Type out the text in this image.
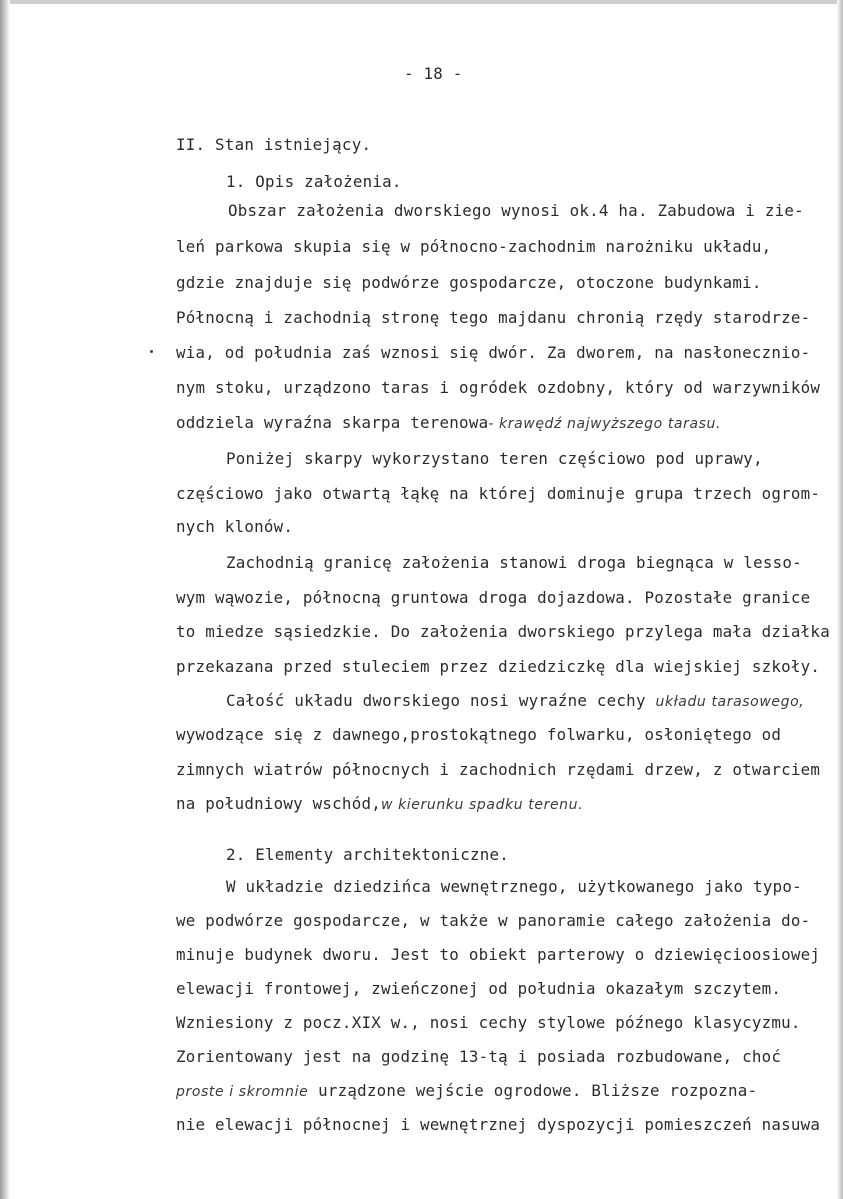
- 18 -
II. Stan istniejący.
1. Opis założenia.
Obszar założenia dworskiego wynosi ok.4 ha. Zabudowa i zie-
leń parkowa skupia się w północno-zachodnim narożniku układu,
gdzie znajduje się podwórze gospodarcze, otoczone budynkami.
Północną i zachodnią stronę tego majdanu chronią rzędy starodrze-
wia, od południa zaś wznosi się dwór. Za dworem, na nasłonecznio-
nym stoku, urządzono taras i ogródek ozdobny, który od warzywników
oddziela wyraźna skarpa terenowa- krawędź najwyższego tarasu.
Poniżej skarpy wykorzystano teren częściowo pod uprawy,
częściowo jako otwartą łąkę na której dominuje grupa trzech ogrom-
nych klonów.
Zachodnią granicę założenia stanowi droga biegnąca w lesso-
wym wąwozie, północną gruntowa droga dojazdowa. Pozostałe granice
to miedze sąsiedzkie. Do założenia dworskiego przylega mała działka
przekazana przed stuleciem przez dziedziczkę dla wiejskiej szkoły.
Całość układu dworskiego nosi wyraźne cechy układu tarasowego,
wywodzące się z dawnego,prostokątnego folwarku, osłoniętego od
zimnych wiatrów północnych i zachodnich rzędami drzew, z otwarciem
na południowy wschód,w kierunku spadku terenu.
2. Elementy architektoniczne.
W układzie dziedzińca wewnętrznego, użytkowanego jako typo-
we podwórze gospodarcze, w także w panoramie całego założenia do-
minuje budynek dworu. Jest to obiekt parterowy o dziewięcioosiowej
elewacji frontowej, zwieńczonej od południa okazałym szczytem.
Wzniesiony z pocz.XIX w., nosi cechy stylowe późnego klasycyzmu.
Zorientowany jest na godzinę 13-tą i posiada rozbudowane, choć
proste i skromnie urządzone wejście ogrodowe. Bliższe rozpozna-
nie elewacji północnej i wewnętrznej dyspozycji pomieszczeń nasuwa
